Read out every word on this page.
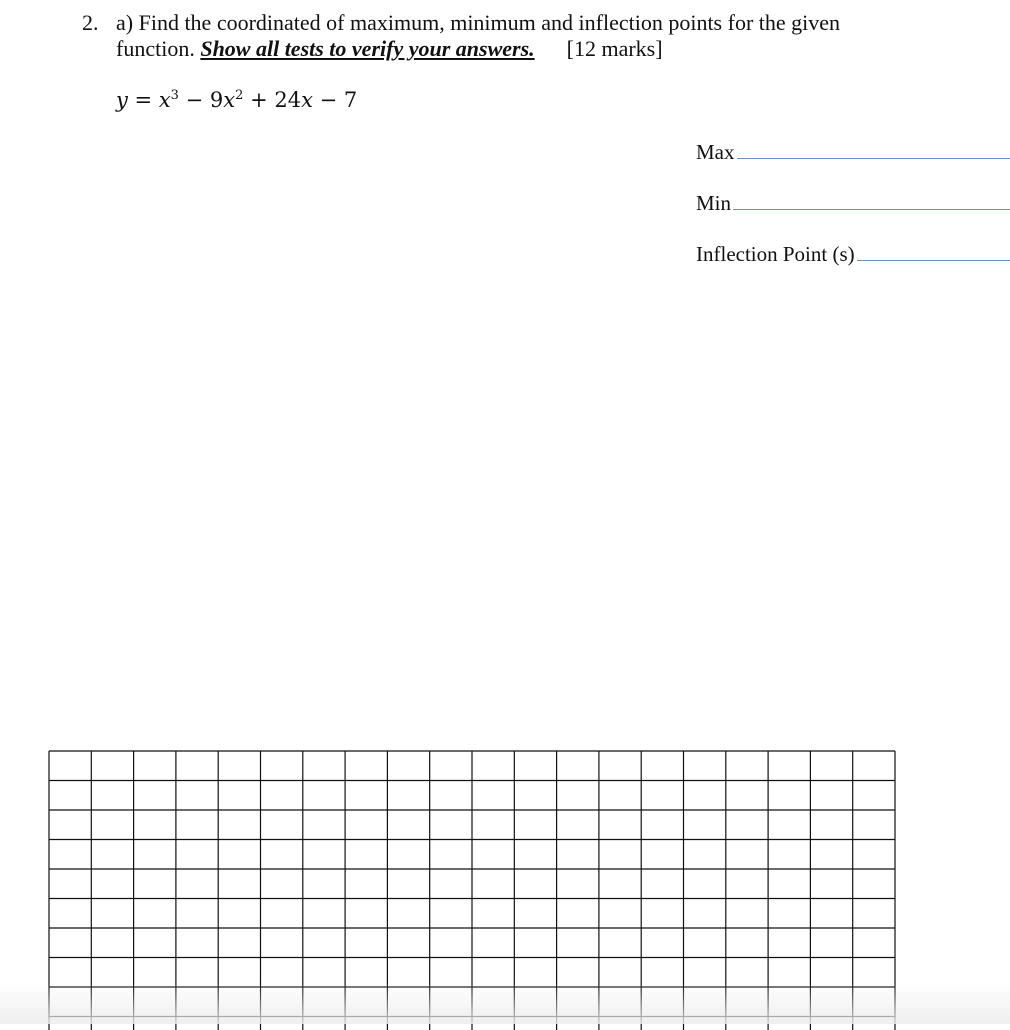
2. a) Find the coordinated of maximum, minimum and inflection points for the given
function. Show all tests to verify your answers. [12 marks]
$y = x^3 - 9x^2 + 24x - 7$
Max
Min
Inflection Point (s)
